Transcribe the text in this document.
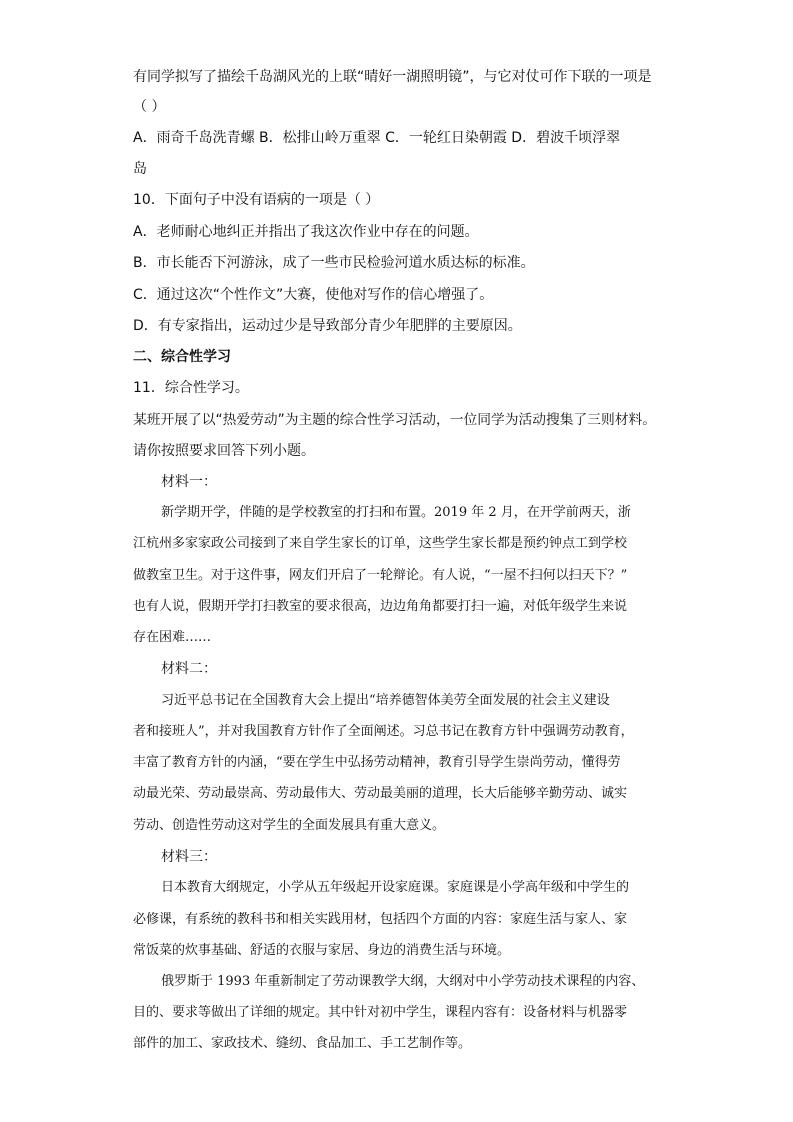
有同学拟写了描绘千岛湖风光的上联“晴好一湖照明镜”，与它对仗可作下联的一项是
（ ）
A．雨奇千岛洗青螺 B．松排山岭万重翠 C．一轮红日染朝霞 D．碧波千顷浮翠
岛
10．下面句子中没有语病的一项是（ ）
A．老师耐心地纠正并指出了我这次作业中存在的问题。
B．市长能否下河游泳，成了一些市民检验河道水质达标的标准。
C．通过这次“个性作文”大赛，使他对写作的信心增强了。
D．有专家指出，运动过少是导致部分青少年肥胖的主要原因。
二、综合性学习
11．综合性学习。
某班开展了以“热爱劳动”为主题的综合性学习活动，一位同学为活动搜集了三则材料。
请你按照要求回答下列小题。
材料一：
新学期开学，伴随的是学校教室的打扫和布置。2019 年 2 月，在开学前两天，浙
江杭州多家家政公司接到了来自学生家长的订单，这些学生家长都是预约钟点工到学校
做教室卫生。对于这件事，网友们开启了一轮辩论。有人说，“一屋不扫何以扫天下？”
也有人说，假期开学打扫教室的要求很高，边边角角都要打扫一遍，对低年级学生来说
存在困难……
材料二：
习近平总书记在全国教育大会上提出“培养德智体美劳全面发展的社会主义建设
者和接班人”，并对我国教育方针作了全面阐述。习总书记在教育方针中强调劳动教育，
丰富了教育方针的内涵，“要在学生中弘扬劳动精神，教育引导学生崇尚劳动，懂得劳
动最光荣、劳动最崇高、劳动最伟大、劳动最美丽的道理，长大后能够辛勤劳动、诚实
劳动、创造性劳动这对学生的全面发展具有重大意义。
材料三：
日本教育大纲规定，小学从五年级起开设家庭课。家庭课是小学高年级和中学生的
必修课，有系统的教科书和相关实践用材，包括四个方面的内容：家庭生活与家人、家
常饭菜的炊事基础、舒适的衣服与家居、身边的消费生活与环境。
俄罗斯于 1993 年重新制定了劳动课教学大纲，大纲对中小学劳动技术课程的内容、
目的、要求等做出了详细的规定。其中针对初中学生，课程内容有：设备材料与机器零
部件的加工、家政技术、缝纫、食品加工、手工艺制作等。
